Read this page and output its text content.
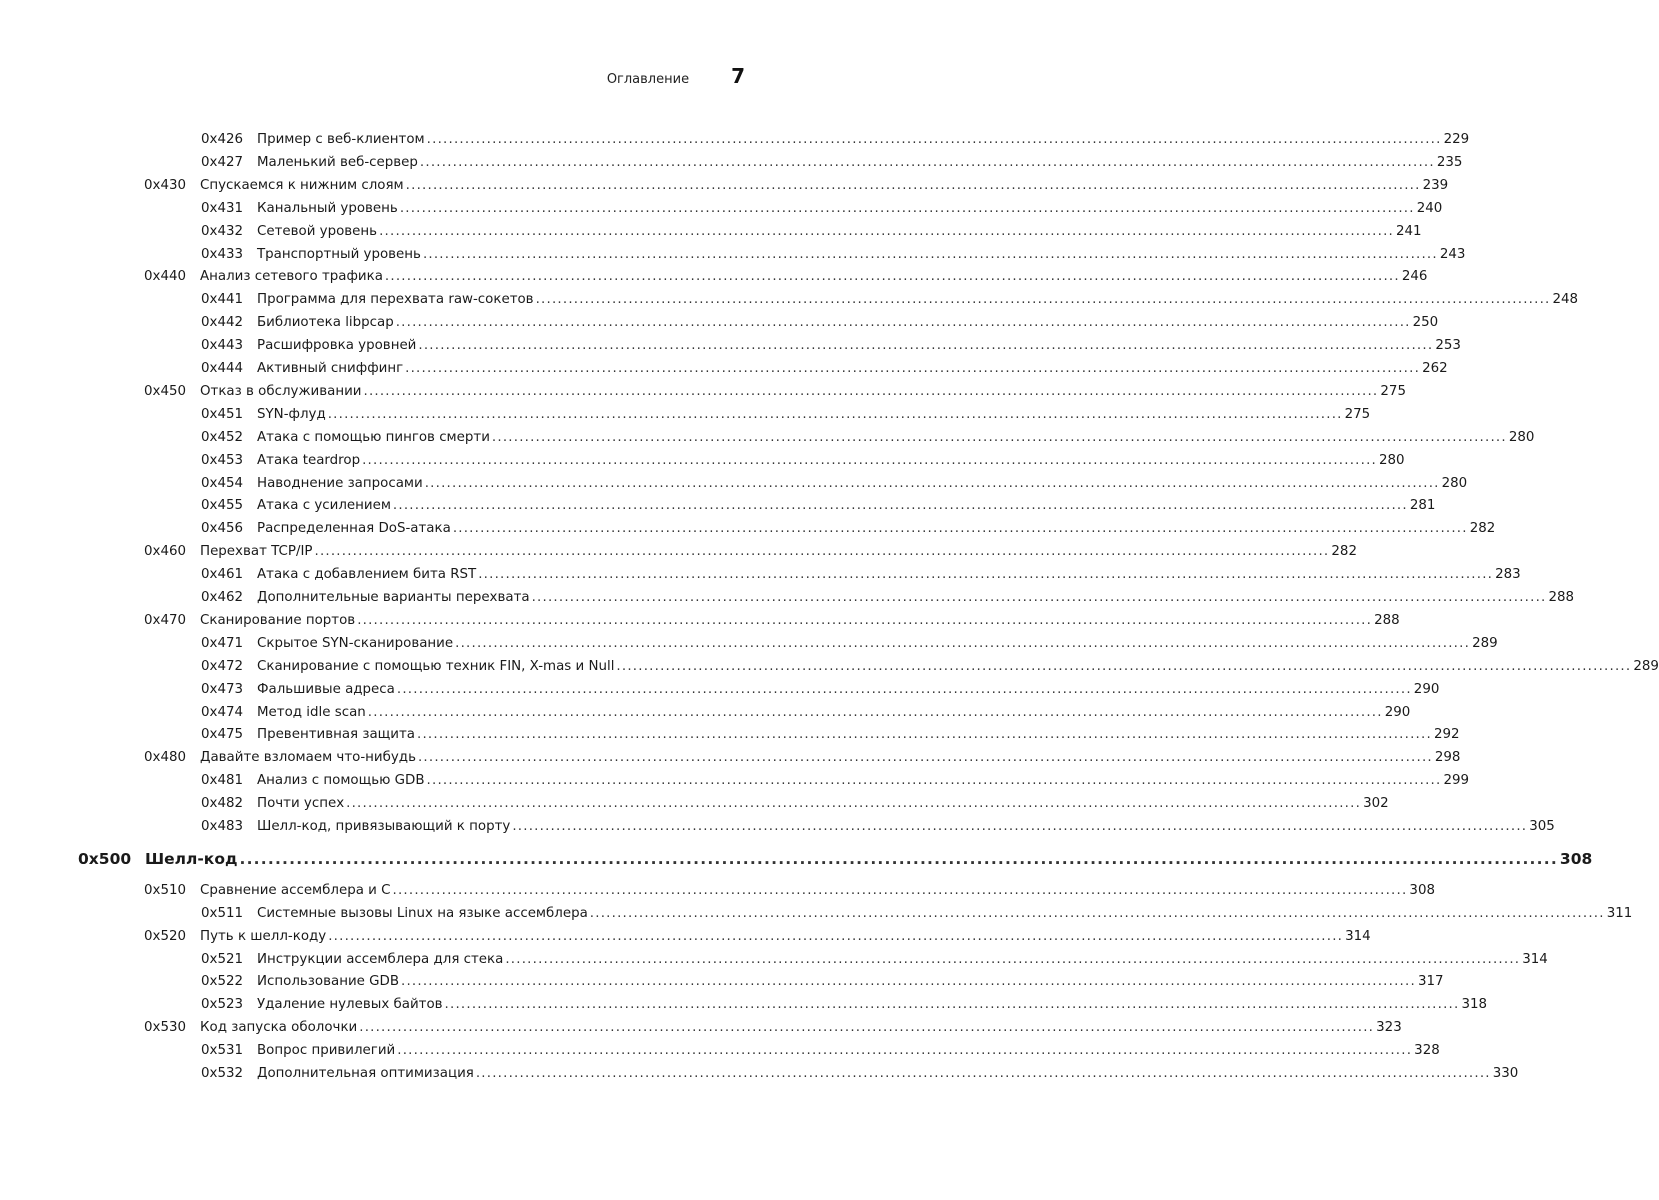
Оглавление 7
0x426 Пример с веб-клиентом .......................................................................................................................................................................................... 229
0x427 Маленький веб-сервер .......................................................................................................................................................................................... 235
0x430 Спускаемся к нижним слоям .......................................................................................................................................................................................... 239
0x431 Канальный уровень .......................................................................................................................................................................................... 240
0x432 Сетевой уровень .......................................................................................................................................................................................... 241
0x433 Транспортный уровень .......................................................................................................................................................................................... 243
0x440 Анализ сетевого трафика .......................................................................................................................................................................................... 246
0x441 Программа для перехвата raw-сокетов .......................................................................................................................................................................................... 248
0x442 Библиотека libpcap .......................................................................................................................................................................................... 250
0x443 Расшифровка уровней .......................................................................................................................................................................................... 253
0x444 Активный сниффинг .......................................................................................................................................................................................... 262
0x450 Отказ в обслуживании .......................................................................................................................................................................................... 275
0x451 SYN-флуд .......................................................................................................................................................................................... 275
0x452 Атака с помощью пингов смерти .......................................................................................................................................................................................... 280
0x453 Атака teardrop .......................................................................................................................................................................................... 280
0x454 Наводнение запросами .......................................................................................................................................................................................... 280
0x455 Атака с усилением .......................................................................................................................................................................................... 281
0x456 Распределенная DoS-атака .......................................................................................................................................................................................... 282
0x460 Перехват TCP/IP .......................................................................................................................................................................................... 282
0x461 Атака с добавлением бита RST .......................................................................................................................................................................................... 283
0x462 Дополнительные варианты перехвата .......................................................................................................................................................................................... 288
0x470 Сканирование портов .......................................................................................................................................................................................... 288
0x471 Скрытое SYN-сканирование .......................................................................................................................................................................................... 289
0x472 Сканирование с помощью техник FIN, X-mas и Null .......................................................................................................................................................................................... 289
0x473 Фальшивые адреса .......................................................................................................................................................................................... 290
0x474 Метод idle scan .......................................................................................................................................................................................... 290
0x475 Превентивная защита .......................................................................................................................................................................................... 292
0x480 Давайте взломаем что-нибудь .......................................................................................................................................................................................... 298
0x481 Анализ с помощью GDB .......................................................................................................................................................................................... 299
0x482 Почти успех .......................................................................................................................................................................................... 302
0x483 Шелл-код, привязывающий к порту .......................................................................................................................................................................................... 305
0x500 Шелл-код .......................................................................................................................................................................................... 308
0x510 Сравнение ассемблера и С .......................................................................................................................................................................................... 308
0x511 Системные вызовы Linux на языке ассемблера .......................................................................................................................................................................................... 311
0x520 Путь к шелл-коду .......................................................................................................................................................................................... 314
0x521 Инструкции ассемблера для стека .......................................................................................................................................................................................... 314
0x522 Использование GDB .......................................................................................................................................................................................... 317
0x523 Удаление нулевых байтов .......................................................................................................................................................................................... 318
0x530 Код запуска оболочки .......................................................................................................................................................................................... 323
0x531 Вопрос привилегий .......................................................................................................................................................................................... 328
0x532 Дополнительная оптимизация .......................................................................................................................................................................................... 330
